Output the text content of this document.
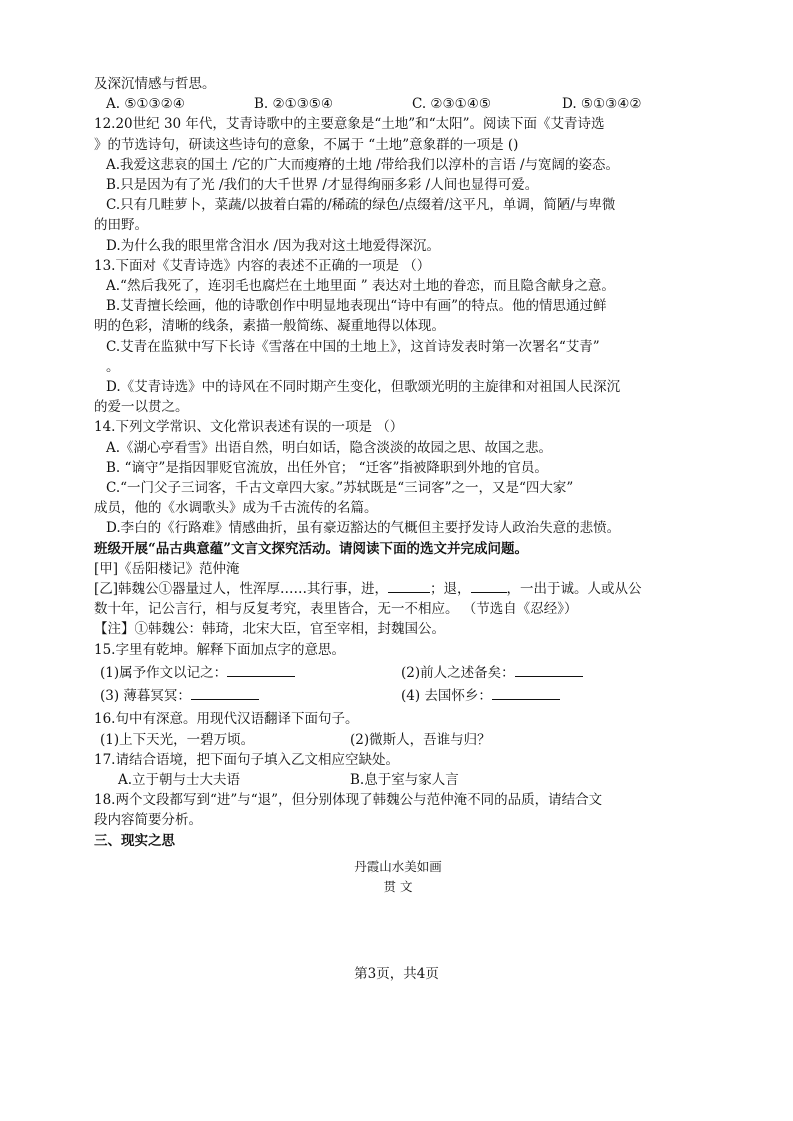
及深沉情感与哲思。
A. ⑤①③②④	B. ②①③⑤④	C. ②③①④⑤	D. ⑤①③④②
12.20世纪 30 年代，艾青诗歌中的主要意象是“土地”和“太阳”。阅读下面《艾青诗选
》的节选诗句，研读这些诗句的意象，不属于 “土地”意象群的一项是 ()
A.我爱这悲哀的国土 /它的广大而瘦瘠的土地 /带给我们以淳朴的言语 /与宽阔的姿态。
B.只是因为有了光 /我们的大千世界 /才显得绚丽多彩 /人间也显得可爱。
C.只有几畦萝卜，菜蔬/以披着白霜的/稀疏的绿色/点缀着/这平凡，单调，简陋/与卑微
的田野。
D.为什么我的眼里常含泪水 /因为我对这土地爱得深沉。
13.下面对《艾青诗选》内容的表述不正确的一项是 （）
A.“然后我死了，连羽毛也腐烂在土地里面 ” 表达对土地的眷恋，而且隐含献身之意。
B.艾青擅长绘画，他的诗歌创作中明显地表现出“诗中有画”的特点。他的情思通过鲜
明的色彩，清晰的线条，素描一般简练、凝重地得以体现。
C.艾青在监狱中写下长诗《雪落在中国的土地上》，这首诗发表时第一次署名“艾青”
。
D.《艾青诗选》中的诗风在不同时期产生变化，但歌颂光明的主旋律和对祖国人民深沉
的爱一以贯之。
14.下列文学常识、文化常识表述有误的一项是 （）
A.《湖心亭看雪》出语自然，明白如话，隐含淡淡的故园之思、故国之悲。
B. “谪守”是指因罪贬官流放，出任外官； “迁客”指被降职到外地的官员。
C.“一门父子三词客，千古文章四大家。”苏轼既是“三词客”之一，又是“四大家”
成员，他的《水调歌头》成为千古流传的名篇。
D.李白的《行路难》情感曲折，虽有豪迈豁达的气概但主要抒发诗人政治失意的悲愤。
班级开展“品古典意蕴”文言文探究活动。请阅读下面的选文并完成问题。
[甲]《岳阳楼记》范仲淹
[乙]韩魏公①器量过人，性浑厚……其行事，进，	；退，	，一出于诚。人或从公
数十年，记公言行，相与反复考究，表里皆合，无一不相应。 （节选自《忍经》）
【注】①韩魏公：韩琦，北宋大臣，官至宰相，封魏国公。
15.字里有乾坤。解释下面加点字的意思。
(1)属予作文以记之：	(2)前人之述备矣：
(3) 薄暮冥冥：	(4) 去国怀乡：
16.句中有深意。用现代汉语翻译下面句子。
(1)上下天光，一碧万顷。	(2)微斯人，吾谁与归？
17.请结合语境，把下面句子填入乙文相应空缺处。
A.立于朝与士大夫语	B.息于室与家人言
18.两个文段都写到“进”与“退”，但分别体现了韩魏公与范仲淹不同的品质，请结合文
段内容简要分析。
三、现实之思
丹霞山水美如画
贯 文
第3页，共4页
